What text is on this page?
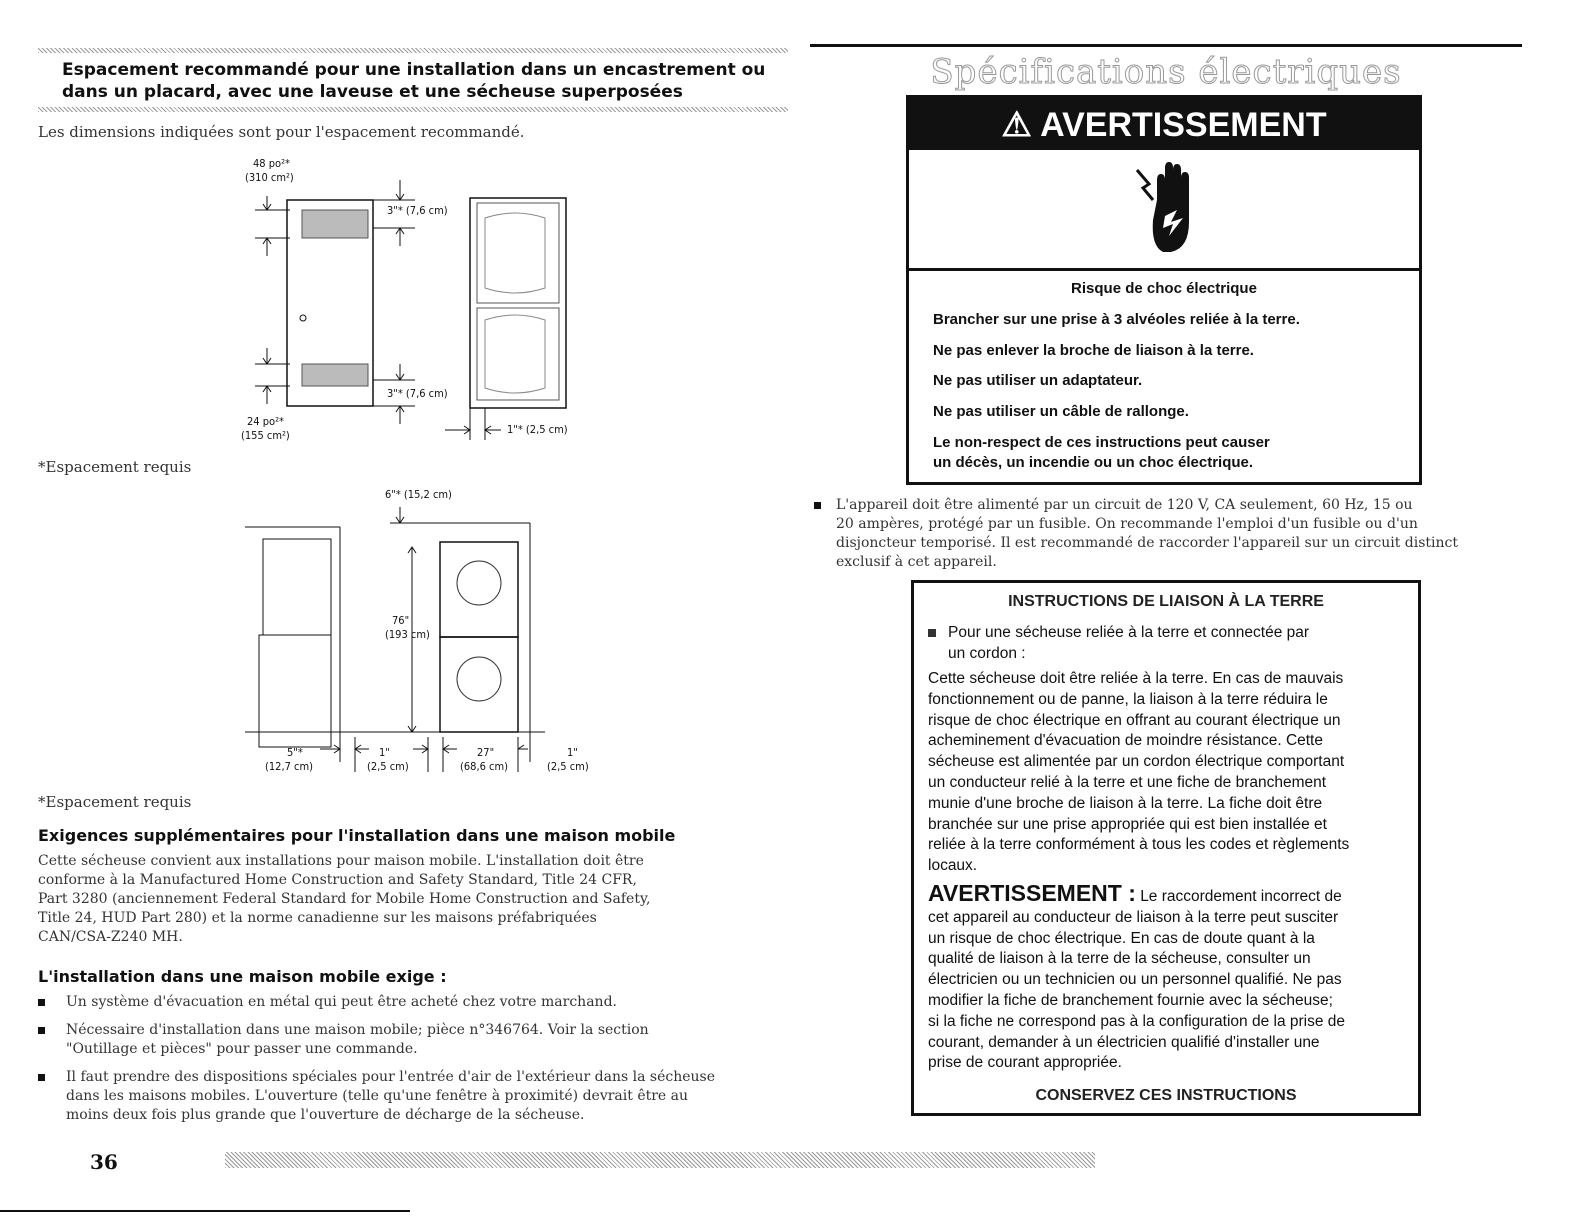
Espacement recommandé pour une installation dans un encastrement ou dans un placard, avec une laveuse et une sécheuse superposées
Les dimensions indiquées sont pour l'espacement recommandé.
48 po²*
(310 cm²)
3"* (7,6 cm)
3"* (7,6 cm)
24 po²*
(155 cm²)	1"* (2,5 cm)
*Espacement requis
6"* (15,2 cm)
76"
(193 cm)
5"*
(12,7 cm)
1"
(2,5 cm)
27"
(68,6 cm)
1"
(2,5 cm)
*Espacement requis
Exigences supplémentaires pour l'installation dans une maison mobile
Cette sécheuse convient aux installations pour maison mobile. L'installation doit être
conforme à la Manufactured Home Construction and Safety Standard, Title 24 CFR,
Part 3280 (anciennement Federal Standard for Mobile Home Construction and Safety,
Title 24, HUD Part 280) et la norme canadienne sur les maisons préfabriquées
CAN/CSA-Z240 MH.
L'installation dans une maison mobile exige :
Un système d'évacuation en métal qui peut être acheté chez votre marchand.
Nécessaire d'installation dans une maison mobile; pièce n°346764. Voir la section
"Outillage et pièces" pour passer une commande.
Il faut prendre des dispositions spéciales pour l'entrée d'air de l'extérieur dans la sécheuse
dans les maisons mobiles. L'ouverture (telle qu'une fenêtre à proximité) devrait être au
moins deux fois plus grande que l'ouverture de décharge de la sécheuse.
36
Spécifications électriques
⚠ AVERTISSEMENT
Risque de choc électrique
Brancher sur une prise à 3 alvéoles reliée à la terre.
Ne pas enlever la broche de liaison à la terre.
Ne pas utiliser un adaptateur.
Ne pas utiliser un câble de rallonge.
Le non-respect de ces instructions peut causer
un décès, un incendie ou un choc électrique.
L'appareil doit être alimenté par un circuit de 120 V, CA seulement, 60 Hz, 15 ou
20 ampères, protégé par un fusible. On recommande l'emploi d'un fusible ou d'un
disjoncteur temporisé. Il est recommandé de raccorder l'appareil sur un circuit distinct
exclusif à cet appareil.
INSTRUCTIONS DE LIAISON À LA TERRE
Pour une sécheuse reliée à la terre et connectée par
un cordon :
Cette sécheuse doit être reliée à la terre. En cas de mauvais
fonctionnement ou de panne, la liaison à la terre réduira le
risque de choc électrique en offrant au courant électrique un
acheminement d'évacuation de moindre résistance. Cette
sécheuse est alimentée par un cordon électrique comportant
un conducteur relié à la terre et une fiche de branchement
munie d'une broche de liaison à la terre. La fiche doit être
branchée sur une prise appropriée qui est bien installée et
reliée à la terre conformément à tous les codes et règlements
locaux.
AVERTISSEMENT : Le raccordement incorrect de
cet appareil au conducteur de liaison à la terre peut susciter
un risque de choc électrique. En cas de doute quant à la
qualité de liaison à la terre de la sécheuse, consulter un
électricien ou un technicien ou un personnel qualifié. Ne pas
modifier la fiche de branchement fournie avec la sécheuse;
si la fiche ne correspond pas à la configuration de la prise de
courant, demander à un électricien qualifié d'installer une
prise de courant appropriée.
CONSERVEZ CES INSTRUCTIONS
